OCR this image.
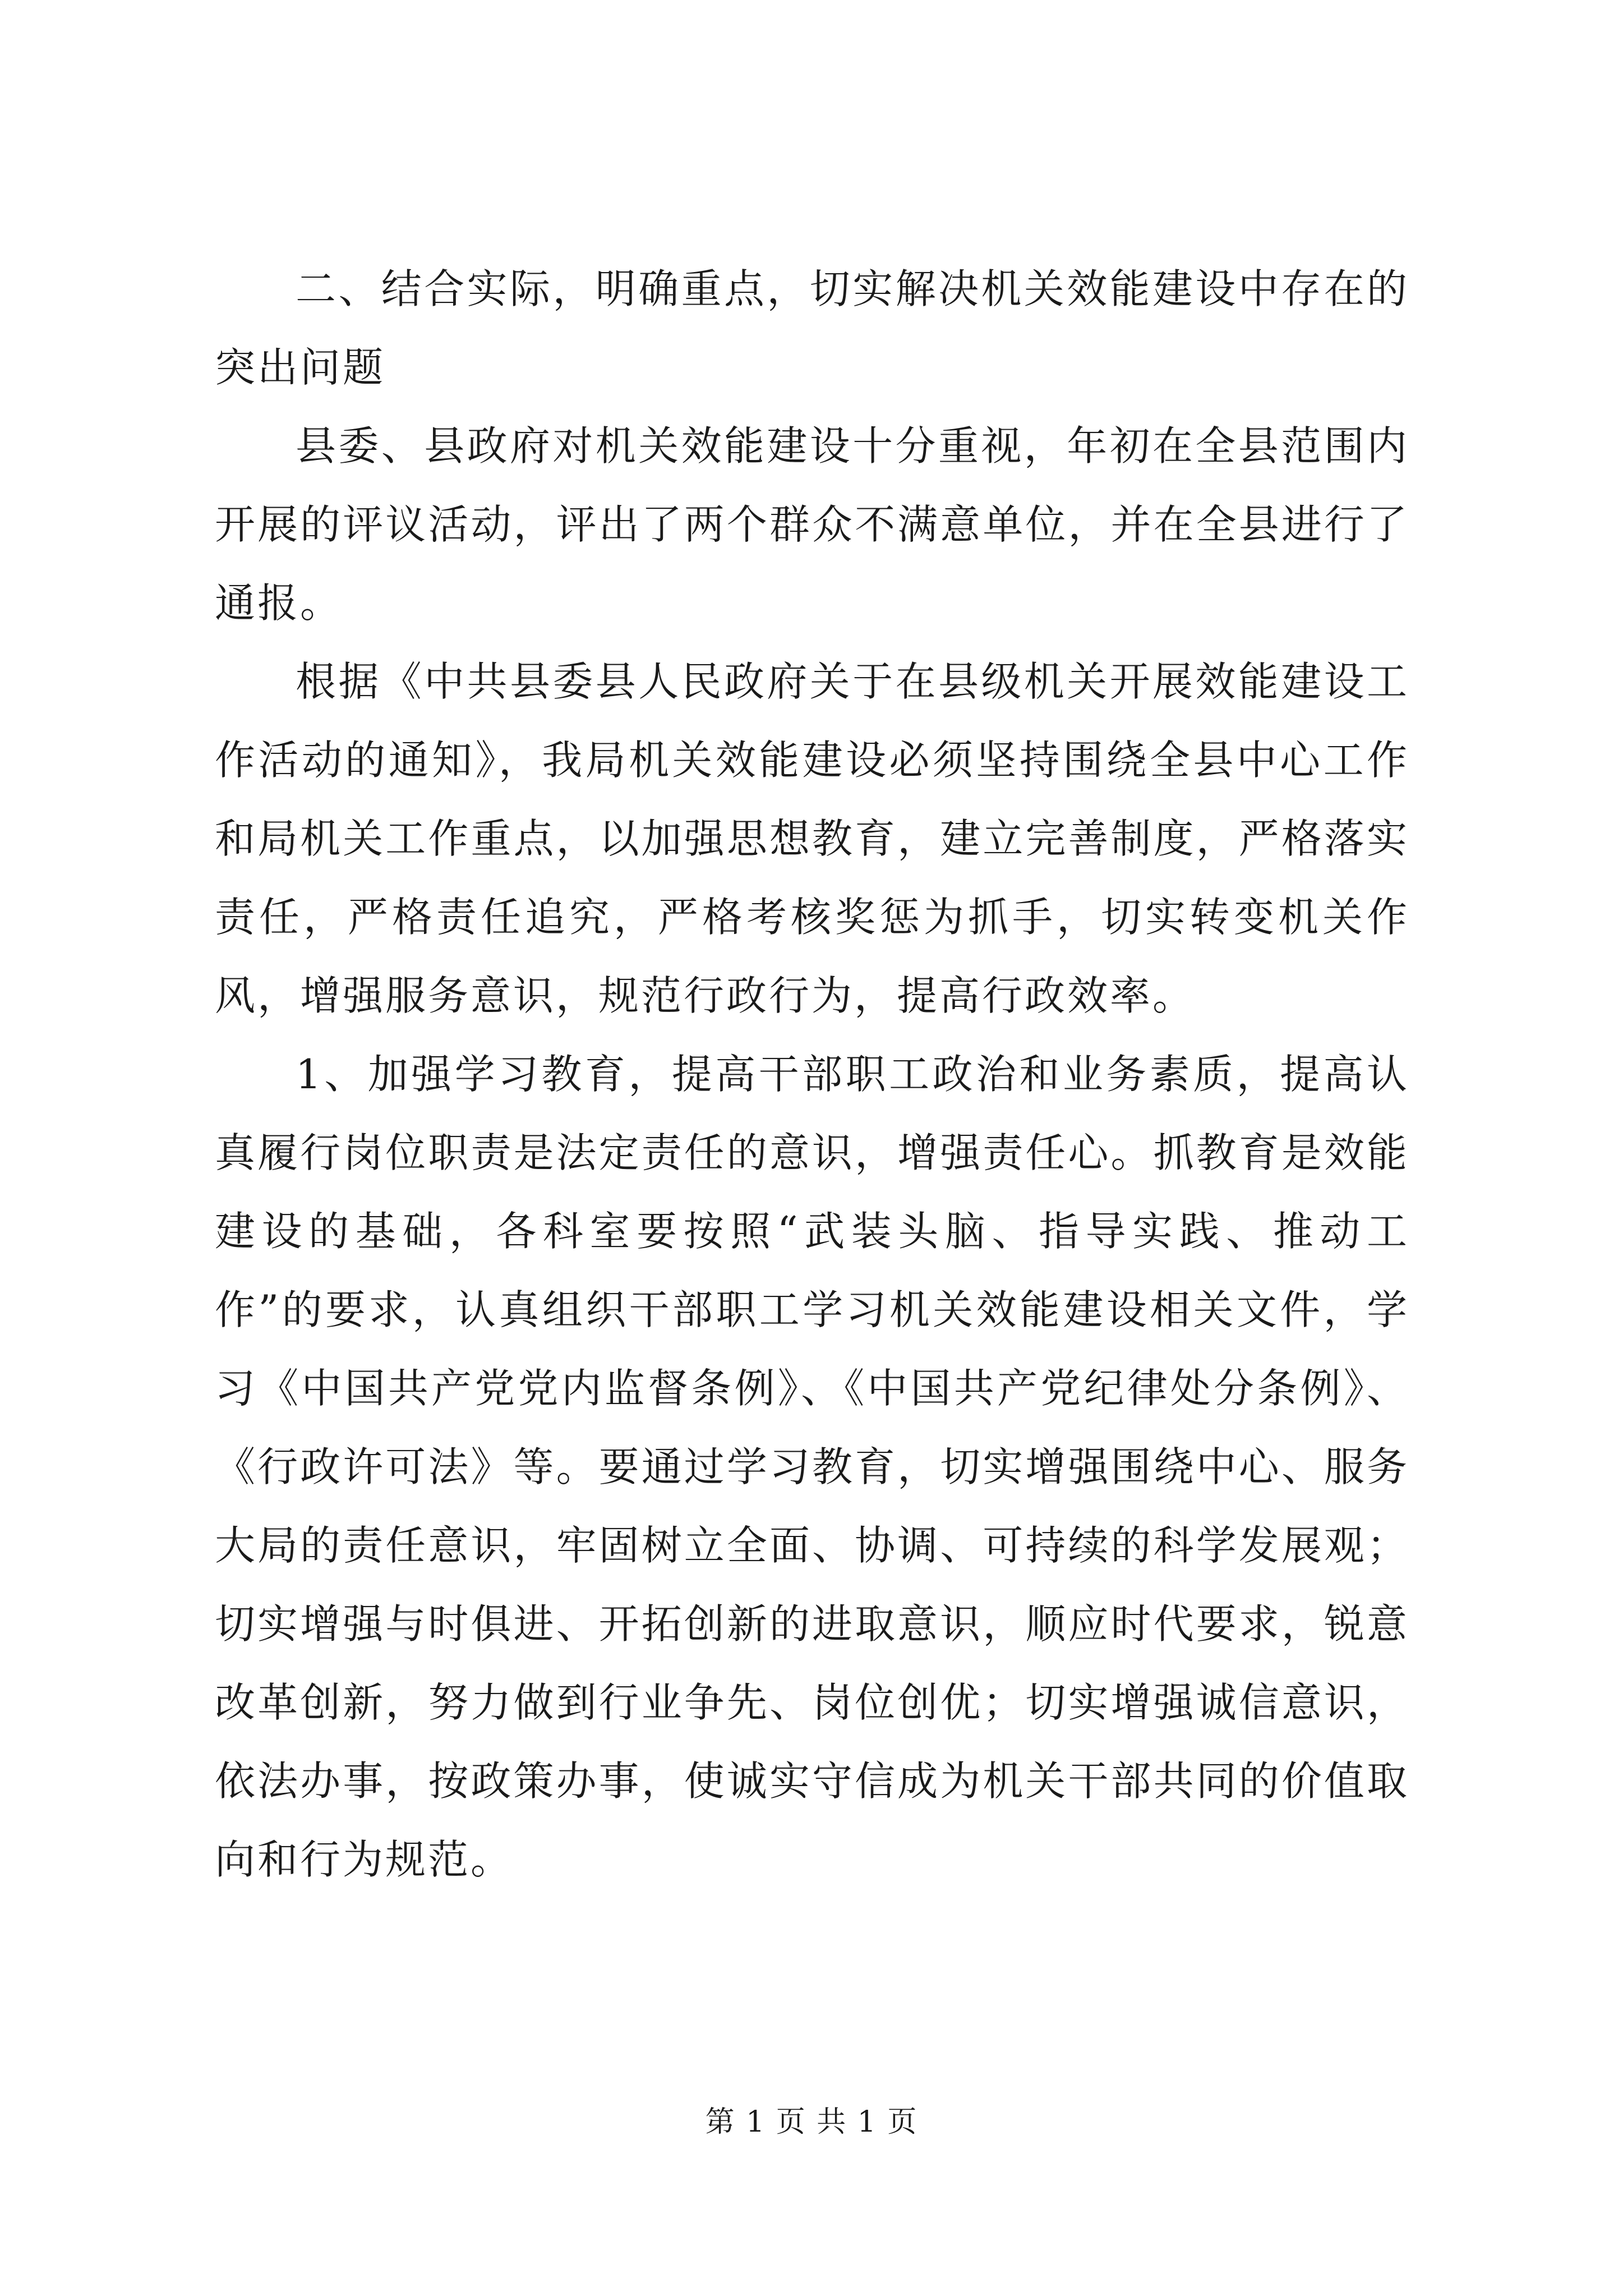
二、结合实际，明确重点，切实解决机关效能建设中存在的突出问题

县委、县政府对机关效能建设十分重视，年初在全县范围内开展的评议活动，评出了两个群众不满意单位，并在全县进行了通报。

根据《中共县委县人民政府关于在县级机关开展效能建设工作活动的通知》，我局机关效能建设必须坚持围绕全县中心工作和局机关工作重点，以加强思想教育，建立完善制度，严格落实责任，严格责任追究，严格考核奖惩为抓手，切实转变机关作风，增强服务意识，规范行政行为，提高行政效率。

1、加强学习教育，提高干部职工政治和业务素质，提高认真履行岗位职责是法定责任的意识，增强责任心。抓教育是效能建设的基础，各科室要按照“武装头脑、指导实践、推动工作”的要求，认真组织干部职工学习机关效能建设相关文件，学习《中国共产党党内监督条例》、《中国共产党纪律处分条例》、《行政许可法》等。要通过学习教育，切实增强围绕中心、服务大局的责任意识，牢固树立全面、协调、可持续的科学发展观；切实增强与时俱进、开拓创新的进取意识，顺应时代要求，锐意改革创新，努力做到行业争先、岗位创优；切实增强诚信意识，依法办事，按政策办事，使诚实守信成为机关干部共同的价值取向和行为规范。

第 1 页 共 1 页
